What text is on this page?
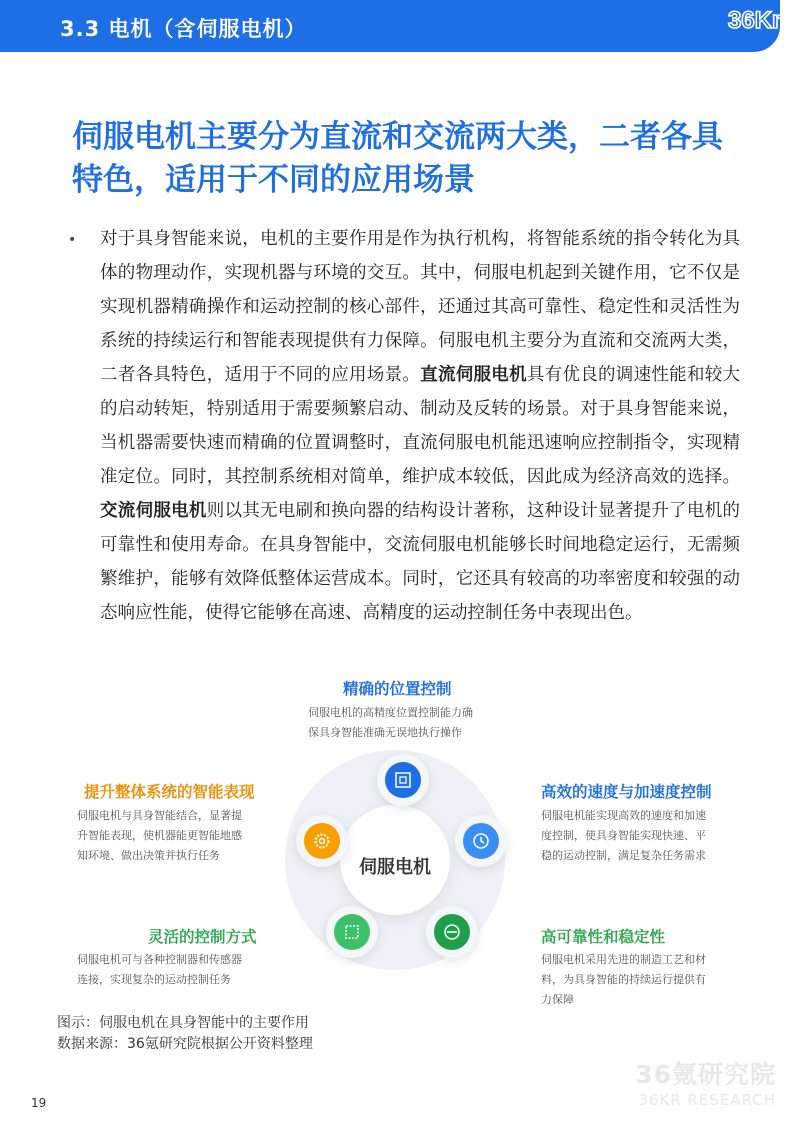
3.3 电机（含伺服电机）	36Kr
伺服电机主要分为直流和交流两大类，二者各具特色，适用于不同的应用场景
• 对于具身智能来说，电机的主要作用是作为执行机构，将智能系统的指令转化为具体的物理动作，实现机器与环境的交互。其中，伺服电机起到关键作用，它不仅是实现机器精确操作和运动控制的核心部件，还通过其高可靠性、稳定性和灵活性为系统的持续运行和智能表现提供有力保障。伺服电机主要分为直流和交流两大类，二者各具特色，适用于不同的应用场景。直流伺服电机具有优良的调速性能和较大的启动转矩，特别适用于需要频繁启动、制动及反转的场景。对于具身智能来说，当机器需要快速而精确的位置调整时，直流伺服电机能迅速响应控制指令，实现精准定位。同时，其控制系统相对简单，维护成本较低，因此成为经济高效的选择。交流伺服电机则以其无电刷和换向器的结构设计著称，这种设计显著提升了电机的可靠性和使用寿命。在具身智能中，交流伺服电机能够长时间地稳定运行，无需频繁维护，能够有效降低整体运营成本。同时，它还具有较高的功率密度和较强的动态响应性能，使得它能够在高速、高精度的运动控制任务中表现出色。
伺服电机
精确的位置控制
伺服电机的高精度位置控制能力确
保具身智能准确无误地执行操作
高效的速度与加速度控制
伺服电机能实现高效的速度和加速
度控制，使具身智能实现快速、平
稳的运动控制，满足复杂任务需求
高可靠性和稳定性
伺服电机采用先进的制造工艺和材
料，为具身智能的持续运行提供有
力保障
灵活的控制方式
伺服电机可与各种控制器和传感器
连接，实现复杂的运动控制任务
提升整体系统的智能表现
伺服电机与具身智能结合，显著提
升智能表现，使机器能更智能地感
知环境、做出决策并执行任务
图示：伺服电机在具身智能中的主要作用
数据来源：36氪研究院根据公开资料整理
36氪研究院
36KR RESEARCH
19
